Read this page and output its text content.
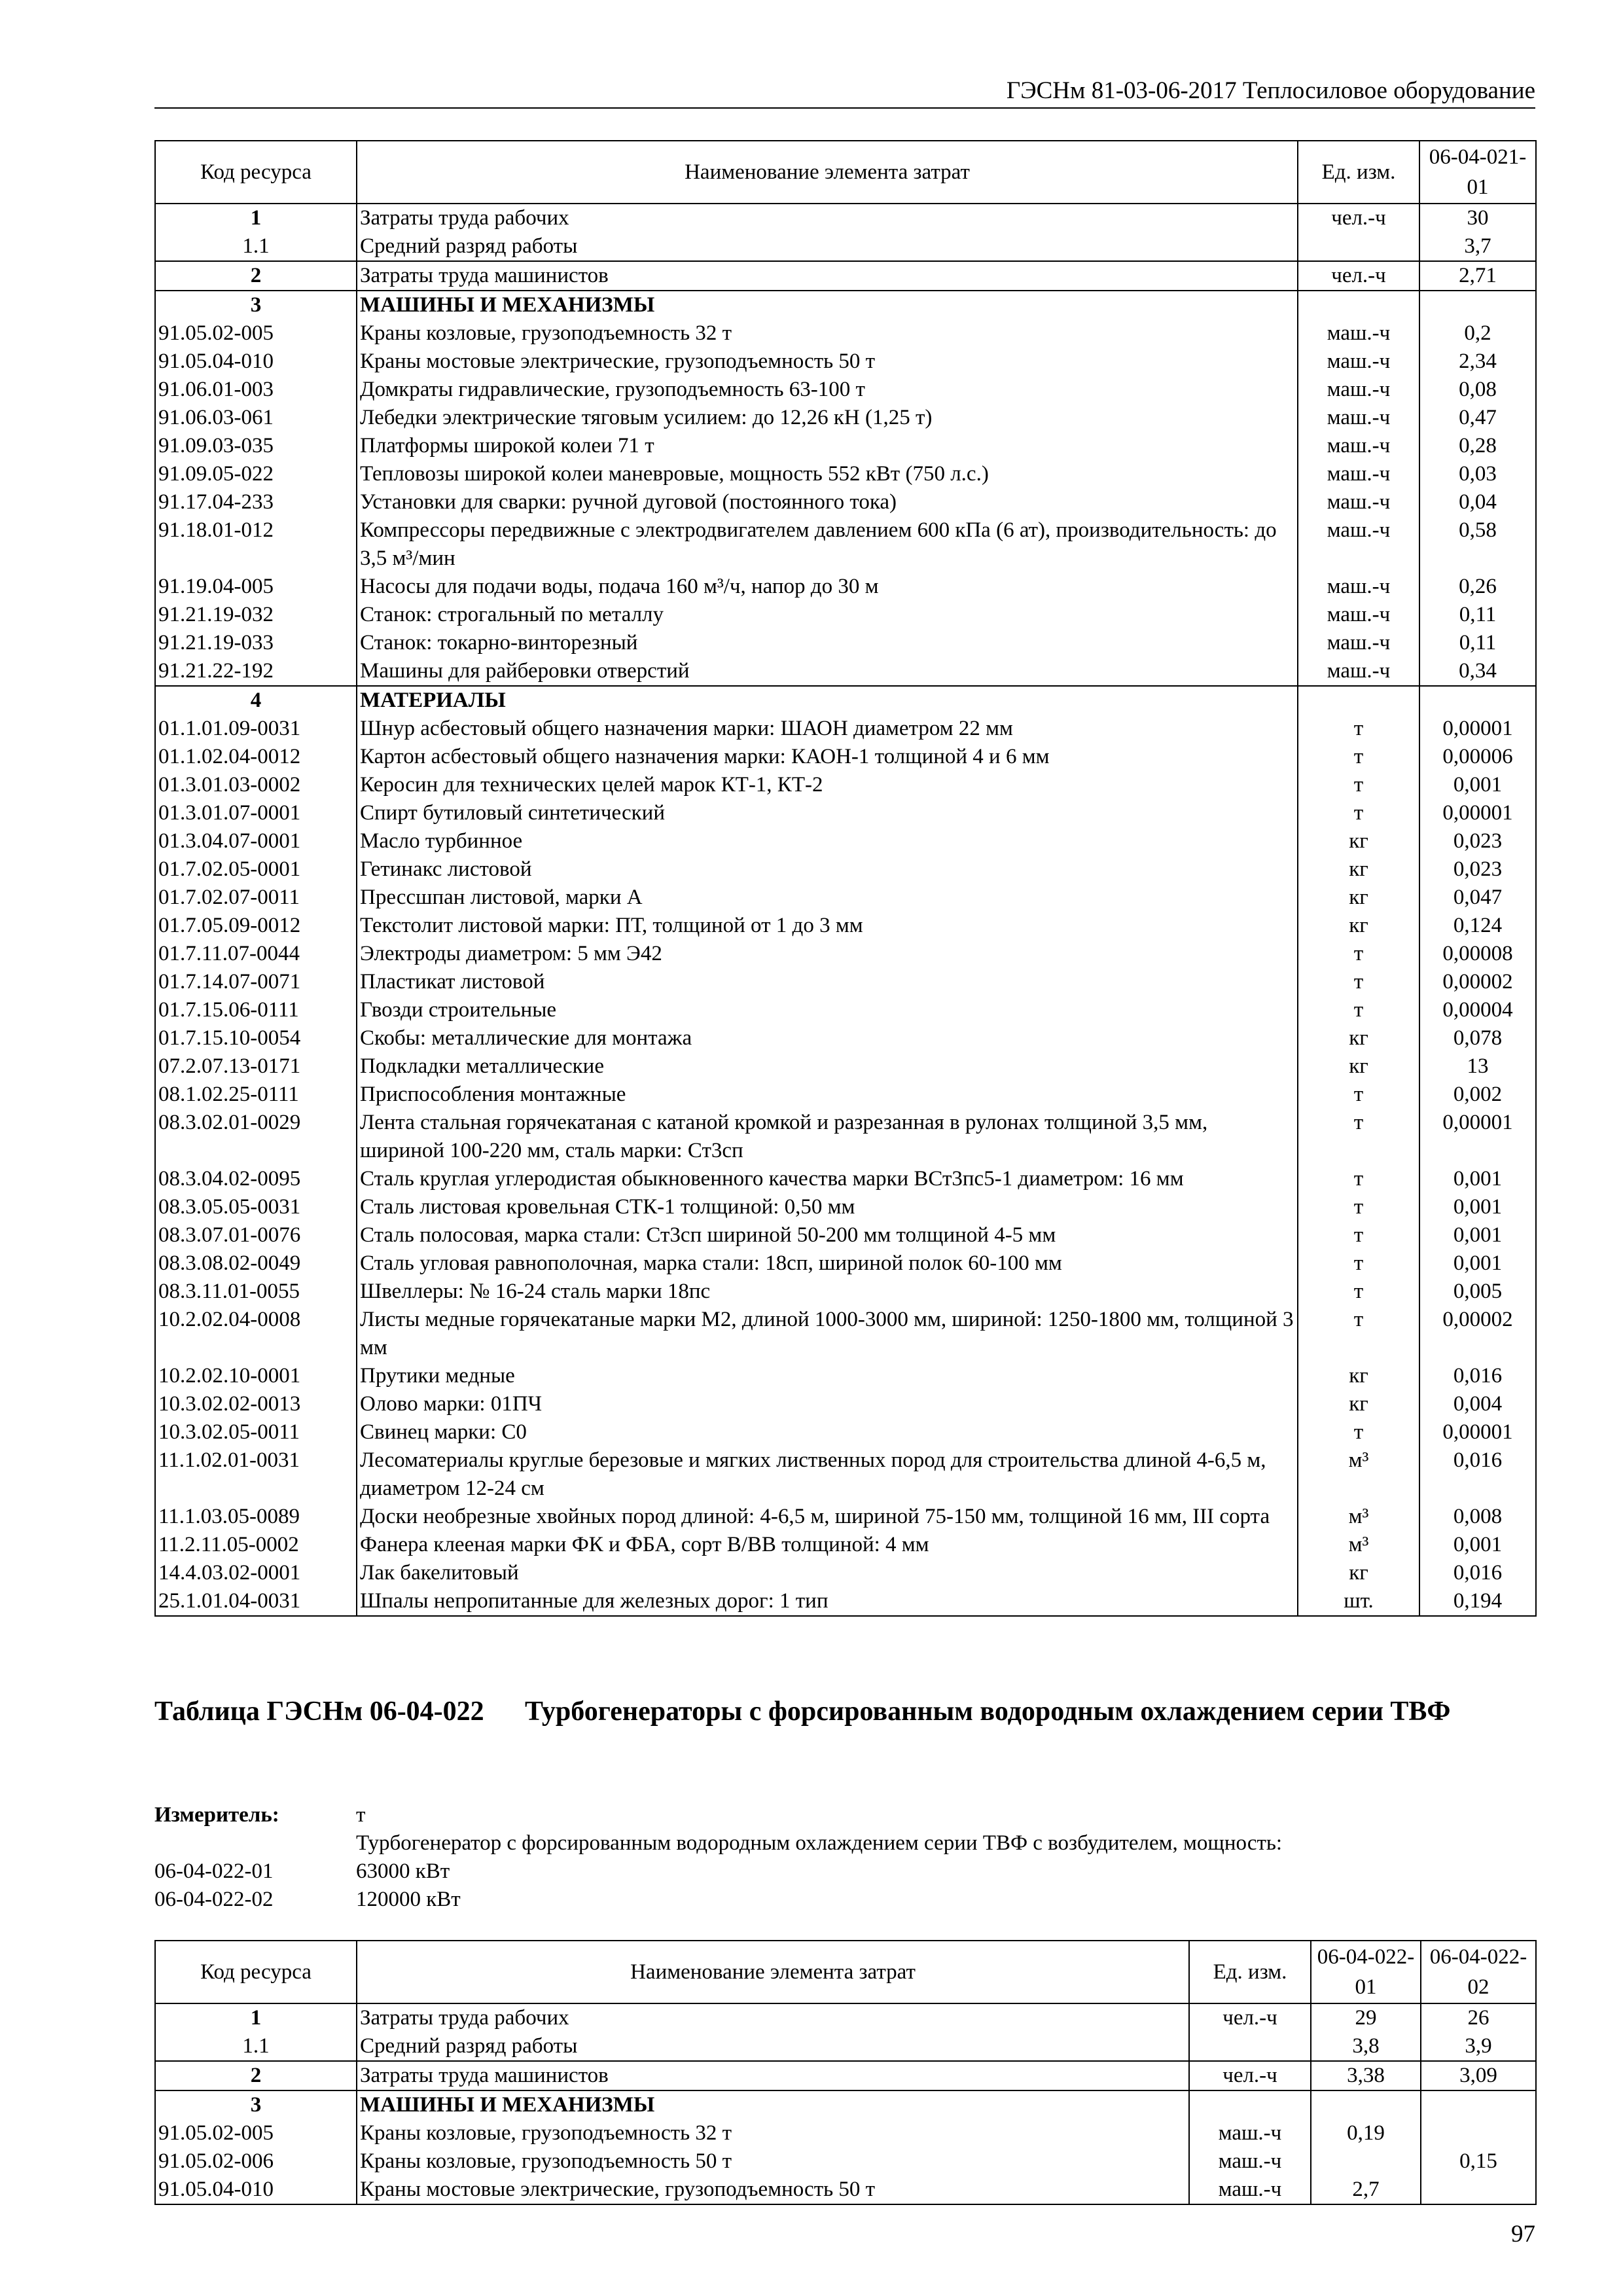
ГЭСНм 81-03-06-2017 Теплосиловое оборудование
Код ресурса	Наименование элемента затрат	Ед. изм.	06-04-021-01
1	Затраты труда рабочих	чел.-ч	30
1.1	Средний разряд работы		3,7
2	Затраты труда машинистов	чел.-ч	2,71
3	МАШИНЫ И МЕХАНИЗМЫ		
91.05.02-005	Краны козловые, грузоподъемность 32 т	маш.-ч	0,2
91.05.04-010	Краны мостовые электрические, грузоподъемность 50 т	маш.-ч	2,34
91.06.01-003	Домкраты гидравлические, грузоподъемность 63-100 т	маш.-ч	0,08
91.06.03-061	Лебедки электрические тяговым усилием: до 12,26 кН (1,25 т)	маш.-ч	0,47
91.09.03-035	Платформы широкой колеи 71 т	маш.-ч	0,28
91.09.05-022	Тепловозы широкой колеи маневровые, мощность 552 кВт (750 л.с.)	маш.-ч	0,03
91.17.04-233	Установки для сварки: ручной дуговой (постоянного тока)	маш.-ч	0,04
91.18.01-012	Компрессоры передвижные с электродвигателем давлением 600 кПа (6 ат), производительность: до 3,5 м³/мин	маш.-ч	0,58
91.19.04-005	Насосы для подачи воды, подача 160 м³/ч, напор до 30 м	маш.-ч	0,26
91.21.19-032	Станок: строгальный по металлу	маш.-ч	0,11
91.21.19-033	Станок: токарно-винторезный	маш.-ч	0,11
91.21.22-192	Машины для райберовки отверстий	маш.-ч	0,34
4	МАТЕРИАЛЫ		
01.1.01.09-0031	Шнур асбестовый общего назначения марки: ШАОН диаметром 22 мм	т	0,00001
01.1.02.04-0012	Картон асбестовый общего назначения марки: КАОН-1 толщиной 4 и 6 мм	т	0,00006
01.3.01.03-0002	Керосин для технических целей марок КТ-1, КТ-2	т	0,001
01.3.01.07-0001	Спирт бутиловый синтетический	т	0,00001
01.3.04.07-0001	Масло турбинное	кг	0,023
01.7.02.05-0001	Гетинакс листовой	кг	0,023
01.7.02.07-0011	Прессшпан листовой, марки А	кг	0,047
01.7.05.09-0012	Текстолит листовой марки: ПТ, толщиной от 1 до 3 мм	кг	0,124
01.7.11.07-0044	Электроды диаметром: 5 мм Э42	т	0,00008
01.7.14.07-0071	Пластикат листовой	т	0,00002
01.7.15.06-0111	Гвозди строительные	т	0,00004
01.7.15.10-0054	Скобы: металлические для монтажа	кг	0,078
07.2.07.13-0171	Подкладки металлические	кг	13
08.1.02.25-0111	Приспособления монтажные	т	0,002
08.3.02.01-0029	Лента стальная горячекатаная с катаной кромкой и разрезанная в рулонах толщиной 3,5 мм, шириной 100-220 мм, сталь марки: Ст3сп	т	0,00001
08.3.04.02-0095	Сталь круглая углеродистая обыкновенного качества марки ВСт3пс5-1 диаметром: 16 мм	т	0,001
08.3.05.05-0031	Сталь листовая кровельная СТК-1 толщиной: 0,50 мм	т	0,001
08.3.07.01-0076	Сталь полосовая, марка стали: Ст3сп шириной 50-200 мм толщиной 4-5 мм	т	0,001
08.3.08.02-0049	Сталь угловая равнополочная, марка стали: 18сп, шириной полок 60-100 мм	т	0,001
08.3.11.01-0055	Швеллеры: № 16-24 сталь марки 18пс	т	0,005
10.2.02.04-0008	Листы медные горячекатаные марки М2, длиной 1000-3000 мм, шириной: 1250-1800 мм, толщиной 3 мм	т	0,00002
10.2.02.10-0001	Прутики медные	кг	0,016
10.3.02.02-0013	Олово марки: 01ПЧ	кг	0,004
10.3.02.05-0011	Свинец марки: С0	т	0,00001
11.1.02.01-0031	Лесоматериалы круглые березовые и мягких лиственных пород для строительства длиной 4-6,5 м, диаметром 12-24 см	м³	0,016
11.1.03.05-0089	Доски необрезные хвойных пород длиной: 4-6,5 м, шириной 75-150 мм, толщиной 16 мм, III сорта	м³	0,008
11.2.11.05-0002	Фанера клееная марки ФК и ФБА, сорт В/ВВ толщиной: 4 мм	м³	0,001
14.4.03.02-0001	Лак бакелитовый	кг	0,016
25.1.01.04-0031	Шпалы непропитанные для железных дорог: 1 тип	шт.	0,194
Таблица ГЭСНм 06-04-022 Турбогенераторы с форсированным водородным охлаждением серии ТВФ
Измеритель:	т
Турбогенератор с форсированным водородным охлаждением серии ТВФ с возбудителем, мощность:
06-04-022-01	63000 кВт
06-04-022-02	120000 кВт
Код ресурса	Наименование элемента затрат	Ед. изм.	06-04-022-01	06-04-022-02
1	Затраты труда рабочих	чел.-ч	29	26
1.1	Средний разряд работы		3,8	3,9
2	Затраты труда машинистов	чел.-ч	3,38	3,09
3	МАШИНЫ И МЕХАНИЗМЫ			
91.05.02-005	Краны козловые, грузоподъемность 32 т	маш.-ч	0,19	
91.05.02-006	Краны козловые, грузоподъемность 50 т	маш.-ч		0,15
91.05.04-010	Краны мостовые электрические, грузоподъемность 50 т	маш.-ч	2,7	
97
